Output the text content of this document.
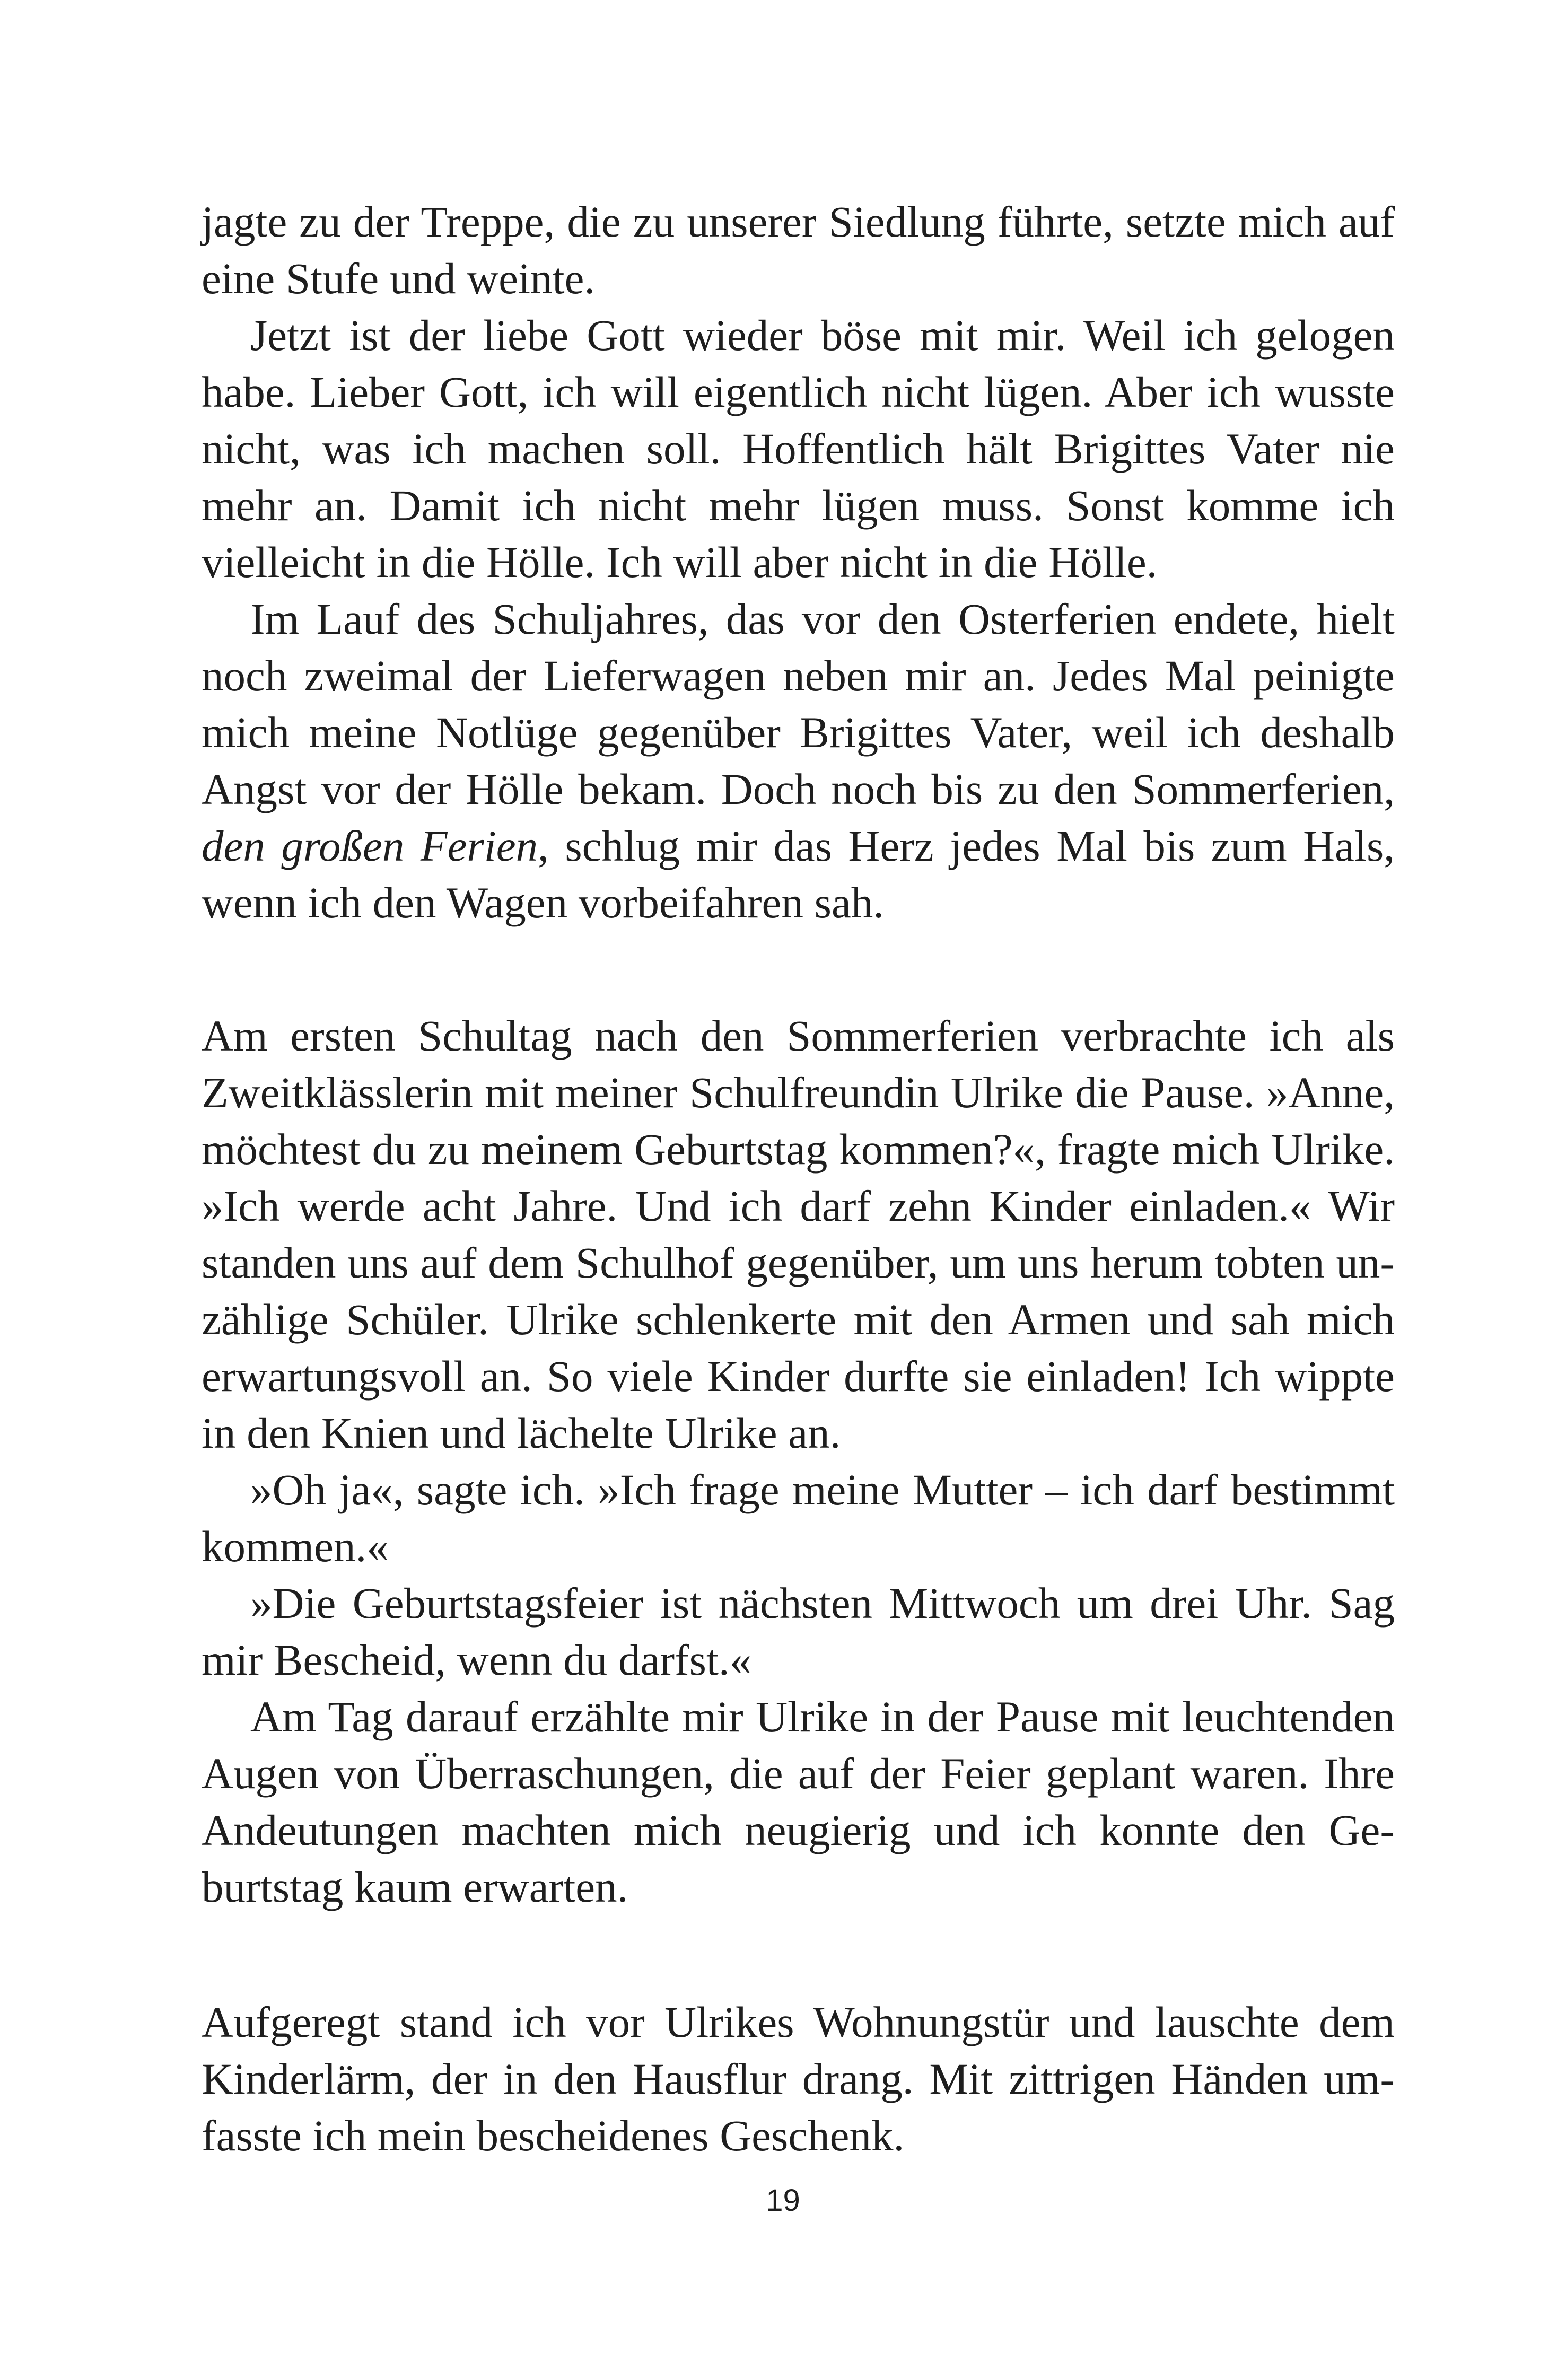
jagte zu der Treppe, die zu unserer Siedlung führte, setzte mich auf eine Stufe und weinte.

Jetzt ist der liebe Gott wieder böse mit mir. Weil ich gelogen habe. Lieber Gott, ich will eigentlich nicht lügen. Aber ich wusste nicht, was ich machen soll. Hoffentlich hält Brigittes Vater nie mehr an. Damit ich nicht mehr lügen muss. Sonst komme ich vielleicht in die Hölle. Ich will aber nicht in die Hölle.

Im Lauf des Schuljahres, das vor den Osterferien endete, hielt noch zweimal der Lieferwagen neben mir an. Jedes Mal peinigte mich meine Notlüge gegenüber Brigittes Vater, weil ich deshalb Angst vor der Hölle bekam. Doch noch bis zu den Sommerferien, den großen Ferien, schlug mir das Herz jedes Mal bis zum Hals, wenn ich den Wagen vorbeifahren sah.

Am ersten Schultag nach den Sommerferien verbrachte ich als Zweitklässlerin mit meiner Schulfreundin Ulrike die Pause. »Anne, möchtest du zu meinem Geburtstag kommen?«, fragte mich Ulrike. »Ich werde acht Jahre. Und ich darf zehn Kinder einladen.« Wir standen uns auf dem Schulhof gegenüber, um uns herum tobten unzählige Schüler. Ulrike schlenkerte mit den Armen und sah mich erwartungsvoll an. So viele Kinder durfte sie einladen! Ich wippte in den Knien und lächelte Ulrike an.

»Oh ja«, sagte ich. »Ich frage meine Mutter – ich darf bestimmt kommen.«

»Die Geburtstagsfeier ist nächsten Mittwoch um drei Uhr. Sag mir Bescheid, wenn du darfst.«

Am Tag darauf erzählte mir Ulrike in der Pause mit leuchtenden Augen von Überraschungen, die auf der Feier geplant waren. Ihre Andeutungen machten mich neugierig und ich konnte den Geburtstag kaum erwarten.

Aufgeregt stand ich vor Ulrikes Wohnungstür und lauschte dem Kinderlärm, der in den Hausflur drang. Mit zittrigen Händen umfasste ich mein bescheidenes Geschenk.

19
